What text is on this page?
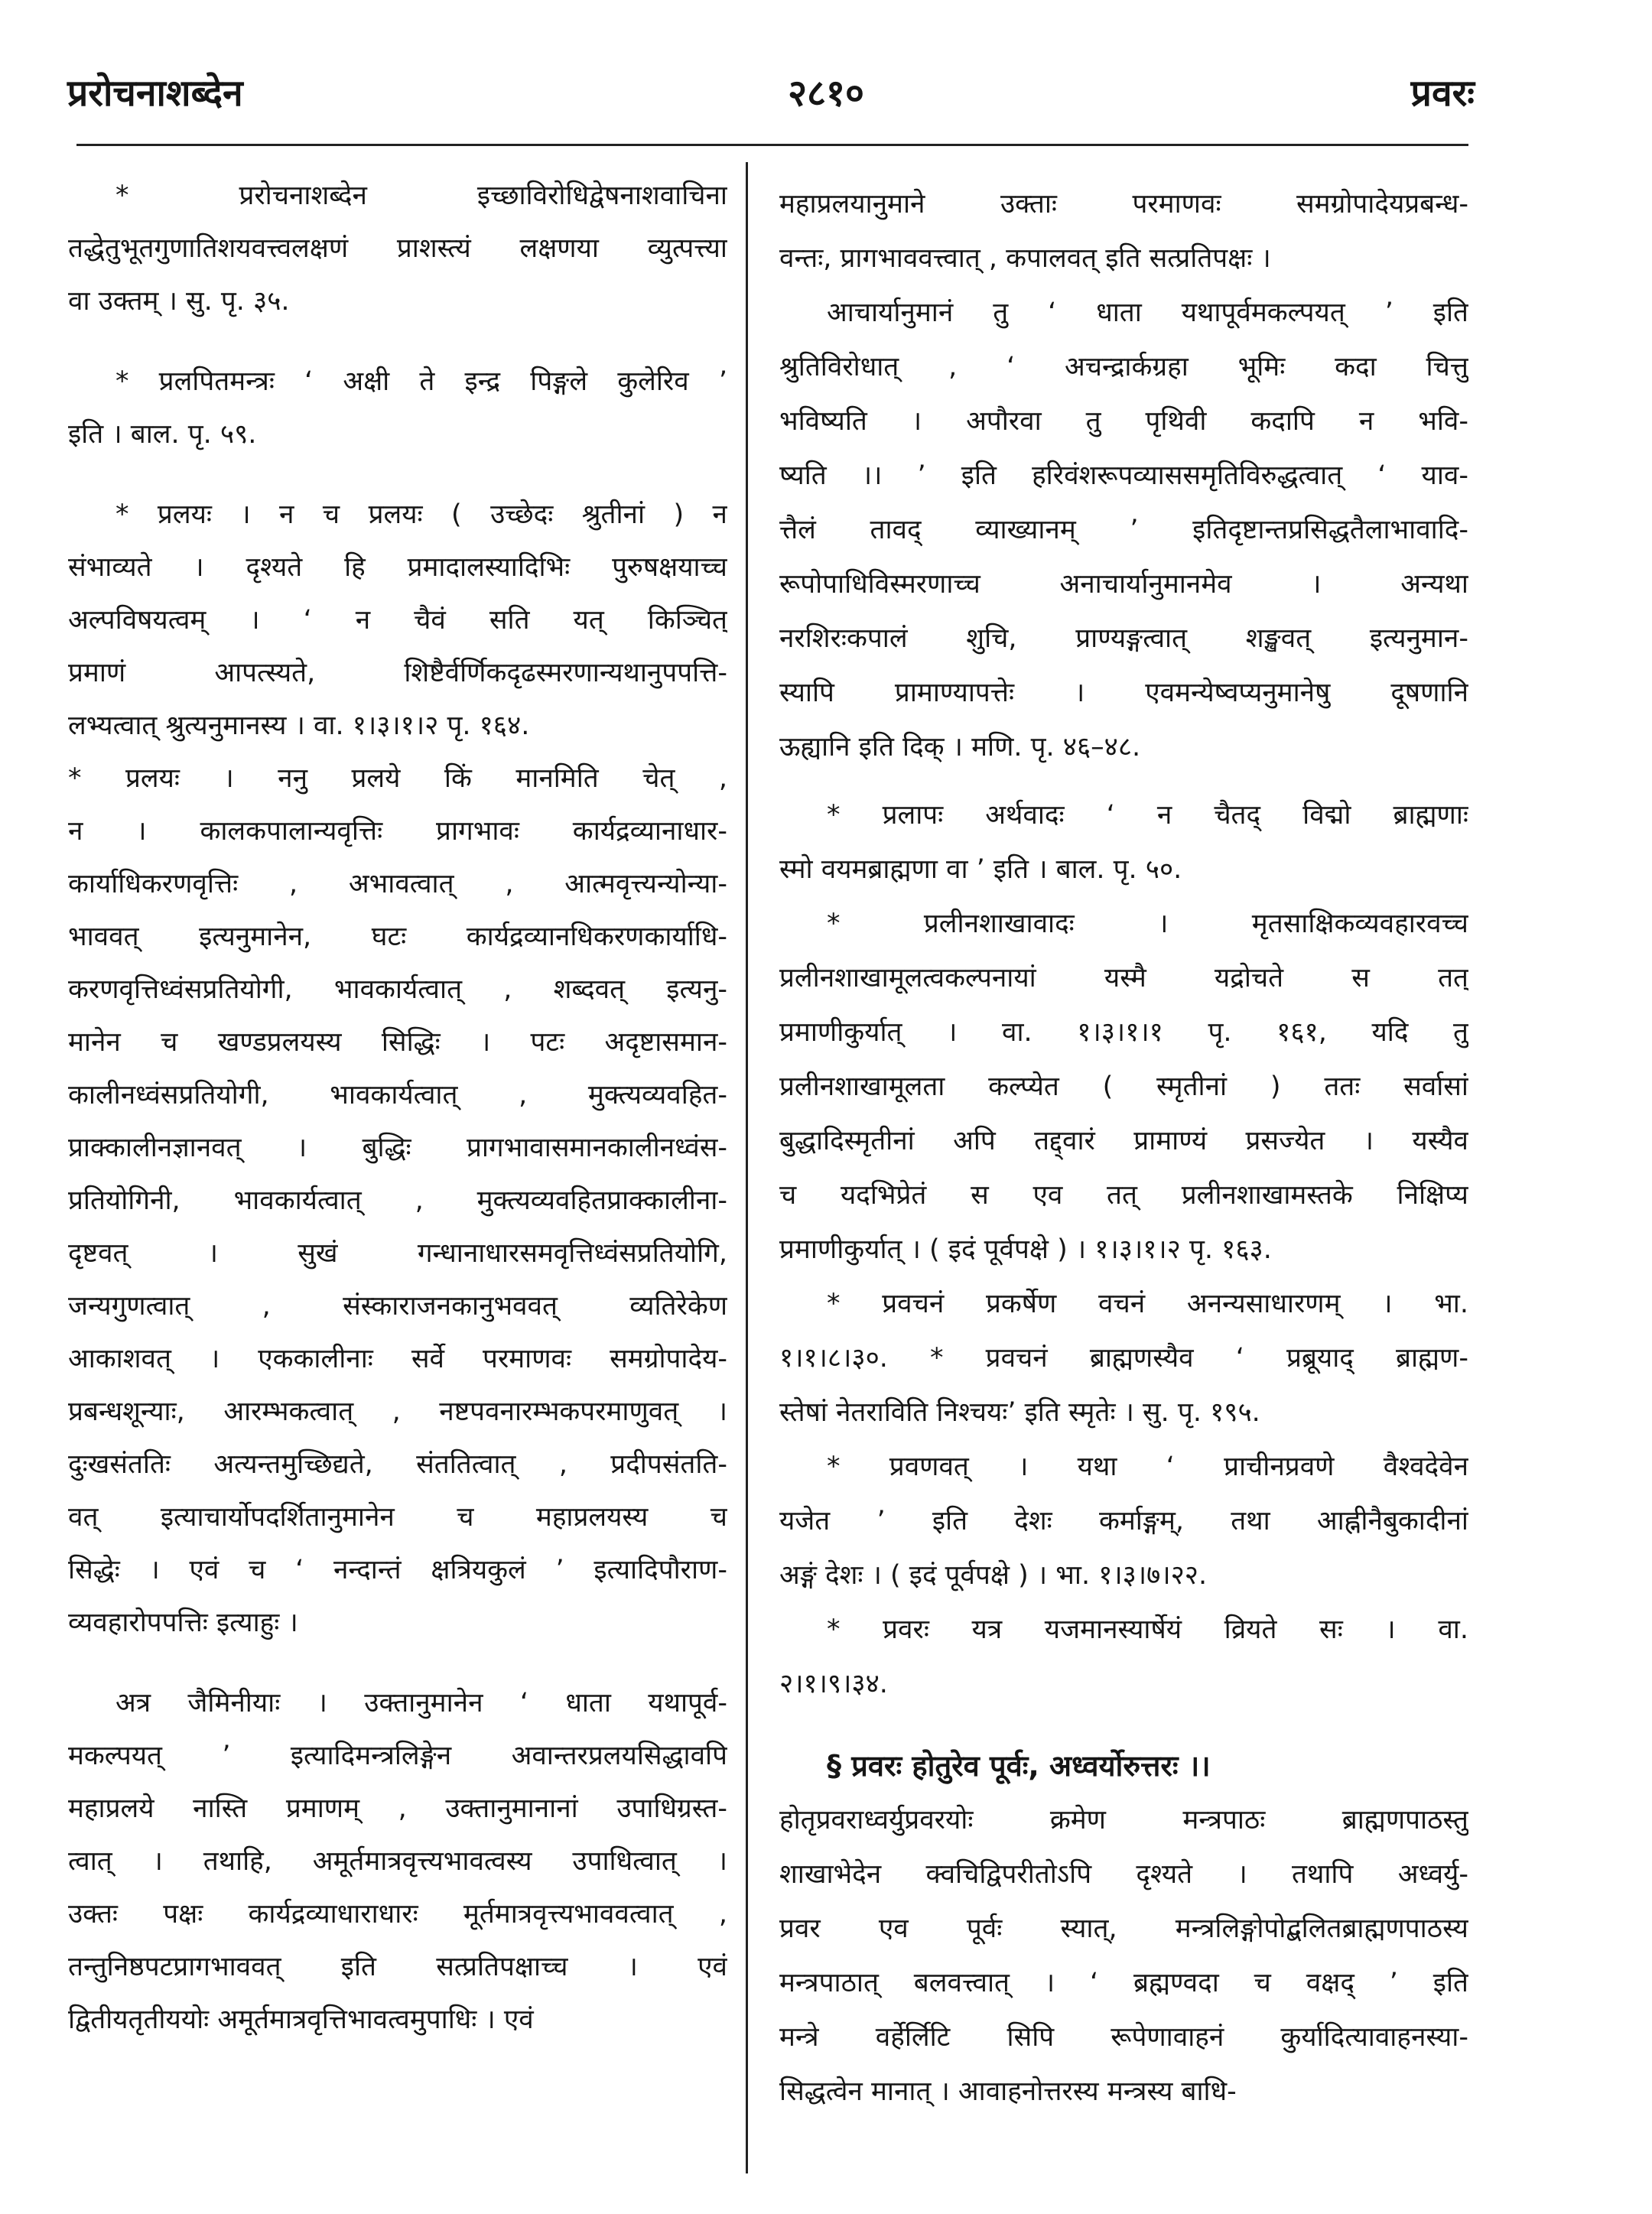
प्ररोचनाशब्देन	२८१०	प्रवरः
* प्ररोचनाशब्देन इच्छाविरोधिद्वेषनाशवाचिना
तद्धेतुभूतगुणातिशयवत्त्वलक्षणं प्राशस्त्यं लक्षणया व्युत्पत्त्या
वा उक्तम् । सु. पृ. ३५.
* प्रलपितमन्त्रः ‘ अक्षी ते इन्द्र पिङ्गले कुलेरिव ’
इति । बाल. पृ. ५९.
* प्रलयः । न च प्रलयः ( उच्छेदः श्रुतीनां ) न
संभाव्यते । दृश्यते हि प्रमादालस्यादिभिः पुरुषक्षयाच्च
अल्पविषयत्वम् । ‘ न चैवं सति यत् किञ्चित्
प्रमाणं आपत्स्यते, शिष्टैर्वर्णिकदृढस्मरणान्यथानुपपत्ति-
लभ्यत्वात् श्रुत्यनुमानस्य । वा. १।३।१।२ पृ. १६४.
* प्रलयः । ननु प्रलये किं मानमिति चेत् ,
न । कालकपालान्यवृत्तिः प्रागभावः कार्यद्रव्यानाधार-
कार्याधिकरणवृत्तिः , अभावत्वात् , आत्मवृत्त्यन्योन्या-
भाववत् इत्यनुमानेन, घटः कार्यद्रव्यानधिकरणकार्याधि-
करणवृत्तिध्वंसप्रतियोगी, भावकार्यत्वात् , शब्दवत् इत्यनु-
मानेन च खण्डप्रलयस्य सिद्धिः । पटः अदृष्टासमान-
कालीनध्वंसप्रतियोगी, भावकार्यत्वात् , मुक्त्यव्यवहित-
प्राक्कालीनज्ञानवत् । बुद्धिः प्रागभावासमानकालीनध्वंस-
प्रतियोगिनी, भावकार्यत्वात् , मुक्त्यव्यवहितप्राक्कालीना-
दृष्टवत् । सुखं गन्धानाधारसमवृत्तिध्वंसप्रतियोगि,
जन्यगुणत्वात् , संस्काराजनकानुभववत् व्यतिरेकेण
आकाशवत् । एककालीनाः सर्वे परमाणवः समग्रोपादेय-
प्रबन्धशून्याः, आरम्भकत्वात् , नष्टपवनारम्भकपरमाणुवत् ।
दुःखसंततिः अत्यन्तमुच्छिद्यते, संततित्वात् , प्रदीपसंतति-
वत् इत्याचार्योपदर्शितानुमानेन च महाप्रलयस्य च
सिद्धेः । एवं च ‘ नन्दान्तं क्षत्रियकुलं ’ इत्यादिपौराण-
व्यवहारोपपत्तिः इत्याहुः ।
अत्र जैमिनीयाः । उक्तानुमानेन ‘ धाता यथापूर्व-
मकल्पयत् ’ इत्यादिमन्त्रलिङ्गेन अवान्तरप्रलयसिद्धावपि
महाप्रलये नास्ति प्रमाणम् , उक्तानुमानानां उपाधिग्रस्त-
त्वात् । तथाहि, अमूर्तमात्रवृत्त्यभावत्वस्य उपाधित्वात् ।
उक्तः पक्षः कार्यद्रव्याधाराधारः मूर्तमात्रवृत्त्यभाववत्वात् ,
तन्तुनिष्ठपटप्रागभाववत् इति सत्प्रतिपक्षाच्च । एवं
द्वितीयतृतीययोः अमूर्तमात्रवृत्तिभावत्वमुपाधिः । एवं
महाप्रलयानुमाने उक्ताः परमाणवः समग्रोपादेयप्रबन्ध-
वन्तः, प्रागभाववत्त्वात् , कपालवत् इति सत्प्रतिपक्षः ।
आचार्यानुमानं तु ‘ धाता यथापूर्वमकल्पयत् ’ इति
श्रुतिविरोधात् , ‘ अचन्द्रार्कग्रहा भूमिः कदा चित्तु
भविष्यति । अपौरवा तु पृथिवी कदापि न भवि-
ष्यति ।। ’ इति हरिवंशरूपव्याससमृतिविरुद्धत्वात् ‘ याव-
त्तैलं तावद् व्याख्यानम् ’ इतिदृष्टान्तप्रसिद्धतैलाभावादि-
रूपोपाधिविस्मरणाच्च अनाचार्यानुमानमेव । अन्यथा
नरशिरःकपालं शुचि, प्राण्यङ्गत्वात् शङ्खवत् इत्यनुमान-
स्यापि प्रामाण्यापत्तेः । एवमन्येष्वप्यनुमानेषु दूषणानि
ऊह्यानि इति दिक् । मणि. पृ. ४६–४८.
* प्रलापः अर्थवादः ‘ न चैतद् विद्मो ब्राह्मणाः
स्मो वयमब्राह्मणा वा ’ इति । बाल. पृ. ५०.
* प्रलीनशाखावादः । मृतसाक्षिकव्यवहारवच्च
प्रलीनशाखामूलत्वकल्पनायां यस्मै यद्रोचते स तत्
प्रमाणीकुर्यात् । वा. १।३।१।१ पृ. १६१, यदि तु
प्रलीनशाखामूलता कल्प्येत ( स्मृतीनां ) ततः सर्वासां
बुद्धादिस्मृतीनां अपि तद्द्वारं प्रामाण्यं प्रसज्येत । यस्यैव
च यदभिप्रेतं स एव तत् प्रलीनशाखामस्तके निक्षिप्य
प्रमाणीकुर्यात् । ( इदं पूर्वपक्षे ) । १।३।१।२ पृ. १६३.
* प्रवचनं प्रकर्षेण वचनं अनन्यसाधारणम् । भा.
१।१।८।३०. * प्रवचनं ब्राह्मणस्यैव ‘ प्रब्रूयाद् ब्राह्मण-
स्तेषां नेतराविति निश्चयः’ इति स्मृतेः । सु. पृ. १९५.
* प्रवणवत् । यथा ‘ प्राचीनप्रवणे वैश्वदेवेन
यजेत ’ इति देशः कर्माङ्गम्, तथा आह्नीनैबुकादीनां
अङ्गं देशः । ( इदं पूर्वपक्षे ) । भा. १।३।७।२२.
* प्रवरः यत्र यजमानस्यार्षेयं व्रियते सः । वा.
२।१।९।३४.
§ प्रवरः होतुरेव पूर्वः, अध्वर्योरुत्तरः ।।
होतृप्रवराध्वर्युप्रवरयोः क्रमेण मन्त्रपाठः ब्राह्मणपाठस्तु
शाखाभेदेन क्वचिद्विपरीतोऽपि दृश्यते । तथापि अध्वर्यु-
प्रवर एव पूर्वः स्यात्, मन्त्रलिङ्गोपोद्बलितब्राह्मणपाठस्य
मन्त्रपाठात् बलवत्त्वात् । ‘ ब्रह्मण्वदा च वक्षद् ’ इति
मन्त्रे वर्हेर्लिटि सिपि रूपेणावाहनं कुर्यादित्यावाहनस्या-
सिद्धत्वेन मानात् । आवाहनोत्तरस्य मन्त्रस्य बाधि-
